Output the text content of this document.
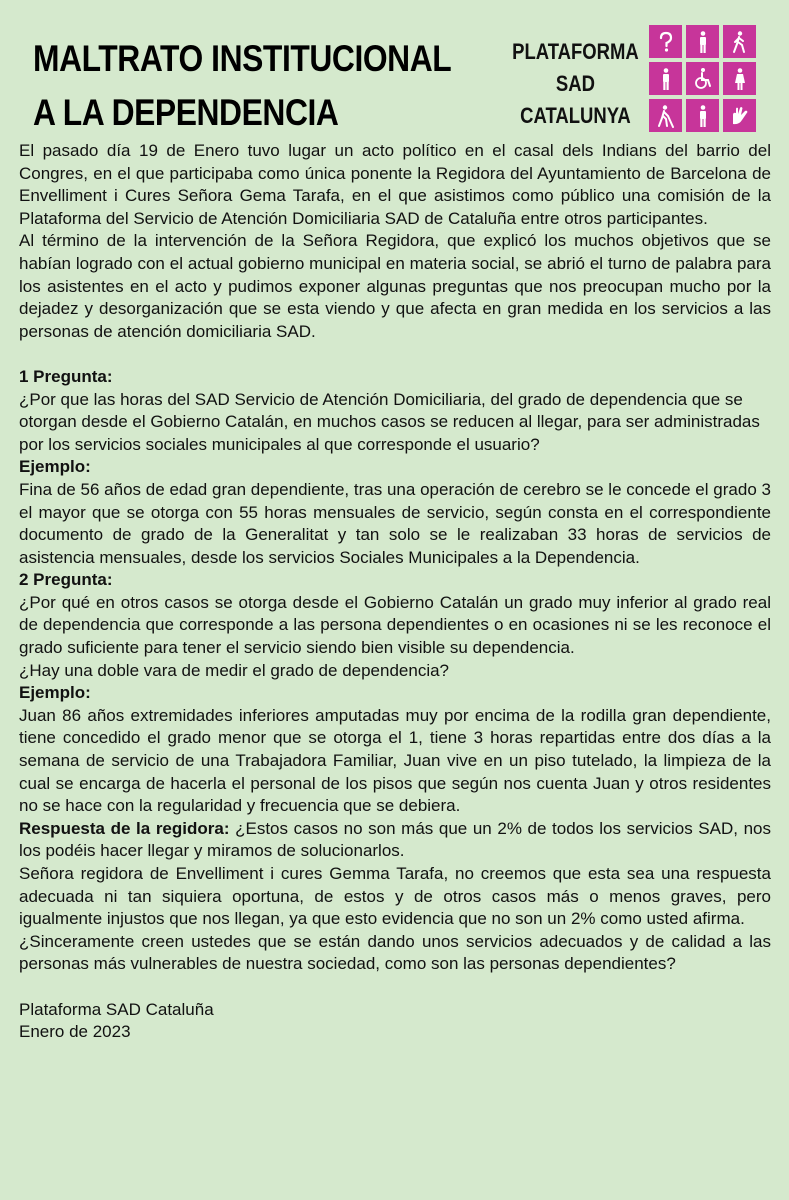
MALTRATO INSTITUCIONAL
A LA DEPENDENCIA
PLATAFORMA
SAD
CATALUNYA

El pasado día 19 de Enero tuvo lugar un acto político en el casal dels Indians del barrio del Congres, en el que participaba como única ponente la Regidora del Ayuntamiento de Barcelona de Envelliment i Cures Señora Gema Tarafa, en el que asistimos como público una comisión de la Plataforma del Servicio de Atención Domiciliaria SAD de Cataluña entre otros participantes.

Al término de la intervención de la Señora Regidora, que explicó los muchos objetivos que se habían logrado con el actual gobierno municipal en materia social, se abrió el turno de palabra para los asistentes en el acto y pudimos exponer algunas preguntas que nos preocupan mucho por la dejadez y desorganización que se esta viendo y que afecta en gran medida en los servicios a las personas de atención domiciliaria SAD.

1 Pregunta:

¿Por que las horas del SAD Servicio de Atención Domiciliaria, del grado de dependencia que se otorgan desde el Gobierno Catalán, en muchos casos se reducen al llegar, para ser administradas por los servicios sociales municipales al que corresponde el usuario?

Ejemplo:

Fina de 56 años de edad gran dependiente, tras una operación de cerebro se le concede el grado 3 el mayor que se otorga con 55 horas mensuales de servicio, según consta en el correspondiente documento de grado de la Generalitat y tan solo se le realizaban 33 horas de servicios de asistencia mensuales, desde los servicios Sociales Municipales a la Dependencia.

2 Pregunta:

¿Por qué en otros casos se otorga desde el Gobierno Catalán un grado muy inferior al grado real de dependencia que corresponde a las persona dependientes o en ocasiones ni se les reconoce el grado suficiente para tener el servicio siendo bien visible su dependencia.

¿Hay una doble vara de medir el grado de dependencia?

Ejemplo:

Juan 86 años extremidades inferiores amputadas muy por encima de la rodilla gran dependiente, tiene concedido el grado menor que se otorga el 1, tiene 3 horas repartidas entre dos días a la semana de servicio de una Trabajadora Familiar, Juan vive en un piso tutelado, la limpieza de la cual se encarga de hacerla el personal de los pisos que según nos cuenta Juan y otros residentes no se hace con la regularidad y frecuencia que se debiera.

Respuesta de la regidora: ¿Estos casos no son más que un 2% de todos los servicios SAD, nos los podéis hacer llegar y miramos de solucionarlos.

Señora regidora de Envelliment i cures Gemma Tarafa, no creemos que esta sea una respuesta adecuada ni tan siquiera oportuna, de estos y de otros casos más o menos graves, pero igualmente injustos que nos llegan, ya que esto evidencia que no son un 2% como usted afirma.

¿Sinceramente creen ustedes que se están dando unos servicios adecuados y de calidad a las personas más vulnerables de nuestra sociedad, como son las personas dependientes?

Plataforma SAD Cataluña

Enero de 2023
